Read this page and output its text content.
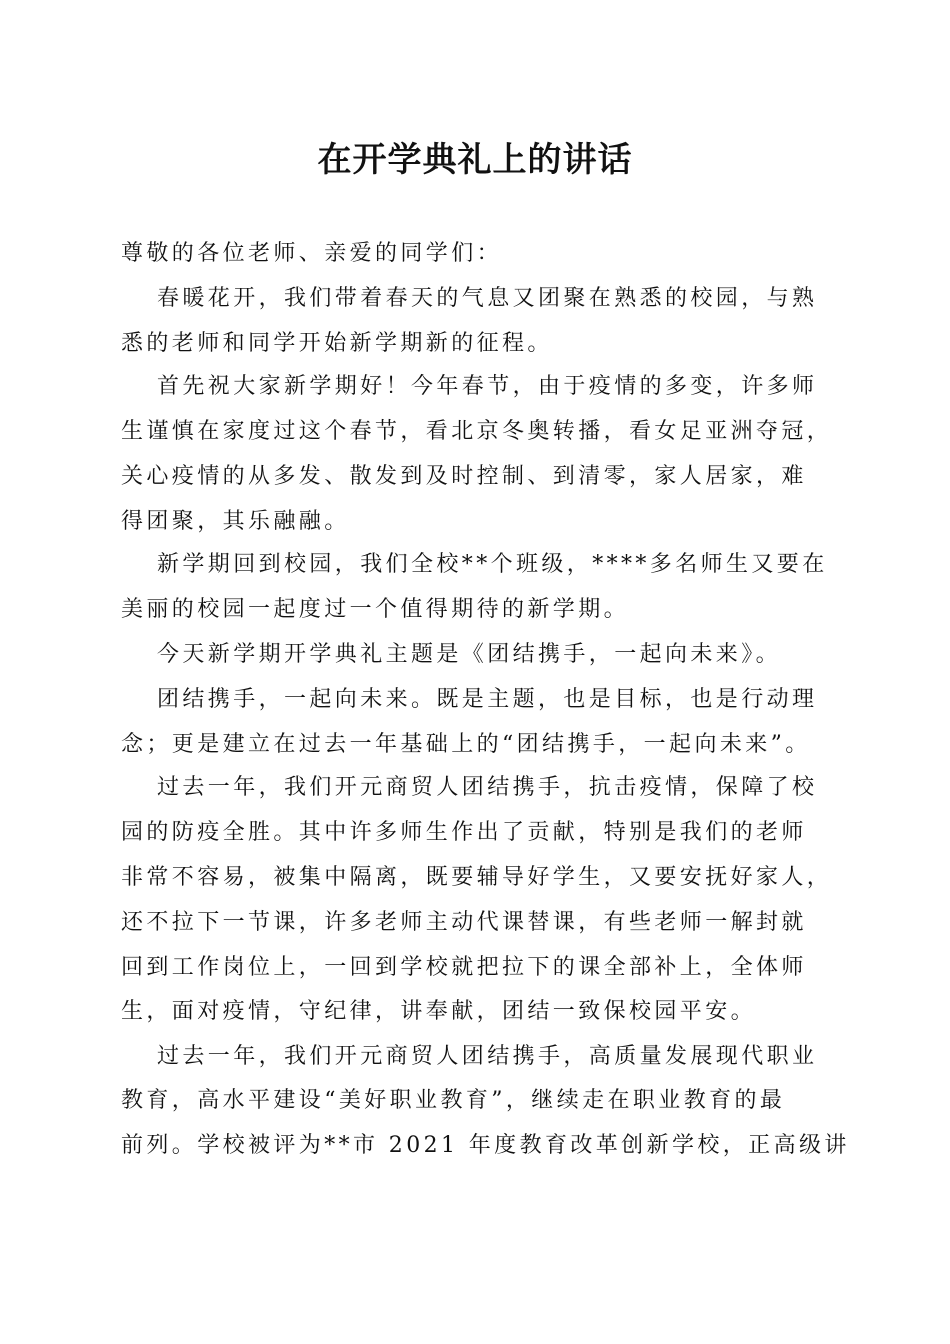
在开学典礼上的讲话
尊敬的各位老师、亲爱的同学们：
春暖花开，我们带着春天的气息又团聚在熟悉的校园，与熟
悉的老师和同学开始新学期新的征程。
首先祝大家新学期好！今年春节，由于疫情的多变，许多师
生谨慎在家度过这个春节，看北京冬奥转播，看女足亚洲夺冠，
关心疫情的从多发、散发到及时控制、到清零，家人居家，难
得团聚，其乐融融。
新学期回到校园，我们全校**个班级，****多名师生又要在
美丽的校园一起度过一个值得期待的新学期。
今天新学期开学典礼主题是《团结携手，一起向未来》。
团结携手，一起向未来。既是主题，也是目标，也是行动理
念；更是建立在过去一年基础上的“团结携手，一起向未来”。
过去一年，我们开元商贸人团结携手，抗击疫情，保障了校
园的防疫全胜。其中许多师生作出了贡献，特别是我们的老师
非常不容易，被集中隔离，既要辅导好学生，又要安抚好家人，
还不拉下一节课，许多老师主动代课替课，有些老师一解封就
回到工作岗位上，一回到学校就把拉下的课全部补上，全体师
生，面对疫情，守纪律，讲奉献，团结一致保校园平安。
过去一年，我们开元商贸人团结携手，高质量发展现代职业
教育，高水平建设“美好职业教育”，继续走在职业教育的最
前列。学校被评为**市 2021 年度教育改革创新学校，正高级讲
